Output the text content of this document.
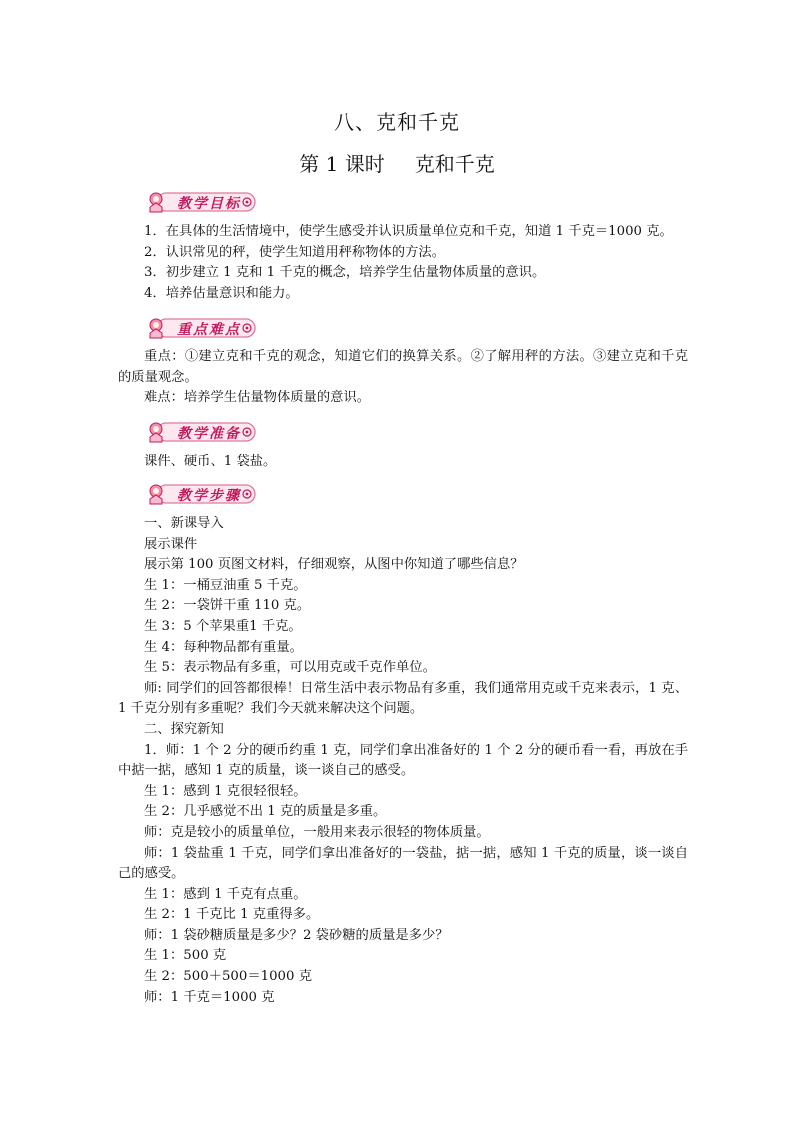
八、克和千克
第 1 课时 克和千克
教学目标

1．在具体的生活情境中，使学生感受并认识质量单位克和千克，知道 1 千克＝1000 克。

2．认识常见的秤，使学生知道用秤称物体的方法。

3．初步建立 1 克和 1 千克的概念，培养学生估量物体质量的意识。

4．培养估量意识和能力。

重点难点

重点：①建立克和千克的观念，知道它们的换算关系。②了解用秤的方法。③建立克和千克的质量观念。

难点：培养学生估量物体质量的意识。

教学准备

课件、硬币、1 袋盐。

教学步骤

一、新课导入

展示课件

展示第 100 页图文材料，仔细观察，从图中你知道了哪些信息？

生 1：一桶豆油重 5 千克。

生 2：一袋饼干重 110 克。

生 3：5 个苹果重1 千克。

生 4：每种物品都有重量。

生 5：表示物品有多重，可以用克或千克作单位。

师: 同学们的回答都很棒！日常生活中表示物品有多重，我们通常用克或千克来表示，1 克、1 千克分别有多重呢？我们今天就来解决这个问题。

二、探究新知

1．师：1 个 2 分的硬币约重 1 克，同学们拿出准备好的 1 个 2 分的硬币看一看，再放在手中掂一掂，感知 1 克的质量，谈一谈自己的感受。

生 1：感到 1 克很轻很轻。

生 2：几乎感觉不出 1 克的质量是多重。

师：克是较小的质量单位，一般用来表示很轻的物体质量。

师：1 袋盐重 1 千克，同学们拿出准备好的一袋盐，掂一掂，感知 1 千克的质量，谈一谈自己的感受。

生 1：感到 1 千克有点重。

生 2：1 千克比 1 克重得多。

师：1 袋砂糖质量是多少？2 袋砂糖的质量是多少？

生 1：500 克

生 2：500＋500＝1000 克

师：1 千克＝1000 克
